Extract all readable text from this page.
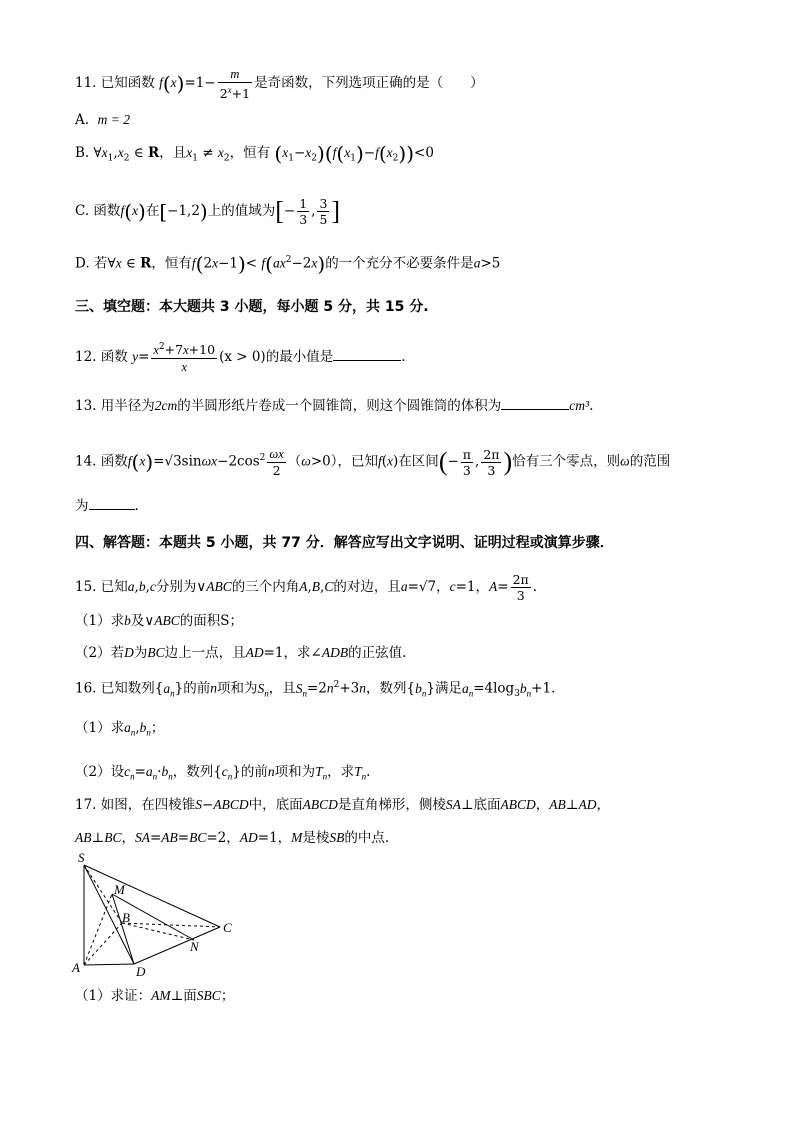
11. 已知函数 $f(x)=1- \frac{m}{2^x+1}$ 是奇函数，下列选项正确的是（　　）
A. m = 2
B. $\forall x_1,x_2$ ∈ R，且$x_1 \ne x_2$，恒有 $(x_1-x_2)(f(x_1)-f(x_2))<0$
C. 函数f(x)在[−1,2)上的值域为[− $\frac{1}{3}$ , $\frac{3}{5}$ ]
D. 若∀x ∈ R，恒有$f(2x-1)< f(ax^2-2x)$的一个充分不必要条件是a>5
三、填空题：本大题共 3 小题，每小题 5 分，共 15 分.
12. 函数 $y= \frac{x^2+7x+10}{x} (x > 0)$的最小值是	.
13. 用半径为2cm的半圆形纸片卷成一个圆锥筒，则这个圆锥筒的体积为	cm³.
14. 函数$f(x)=√3\sin\omega x-2\cos^2 \frac{\omega x}{2} (\omega>0)$，已知f(x)在区间(− $\frac{\pi}{3}$ , $\frac{2\pi}{3}$ )恰有三个零点，则ω的范围
为	.
四、解答题：本题共 5 小题，共 77 分．解答应写出文字说明、证明过程或演算步骤．
15. 已知a,b,c分别为∨ABC的三个内角A,B,C的对边，且a=√7，c=1，$A= \frac{2\pi}{3}$ .
（1）求b及∨ABC的面积S；
（2）若D为BC边上一点，且AD=1，求∠ADB的正弦值.
16. 已知数列$\{a_n\}$的前n项和为$S_n$，且$S_n=2n^2+3n$，数列$\{b_n\}$满足$a_n=4\log_3b_n+1$.
（1）求$a_n,b_n$；
（2）设$c_n=a_n\cdot b_n$，数列$\{c_n\}$的前n项和为$T_n$，求$T_n$.
17. 如图，在四棱锥S−ABCD中，底面ABCD是直角梯形，侧棱SA⊥底面ABCD，AB⊥AD，
AB⊥BC，SA=AB=BC=2，AD=1，M是棱SB的中点.
S
M
B
C
N
A	D
（1）求证：AM⊥面SBC；
